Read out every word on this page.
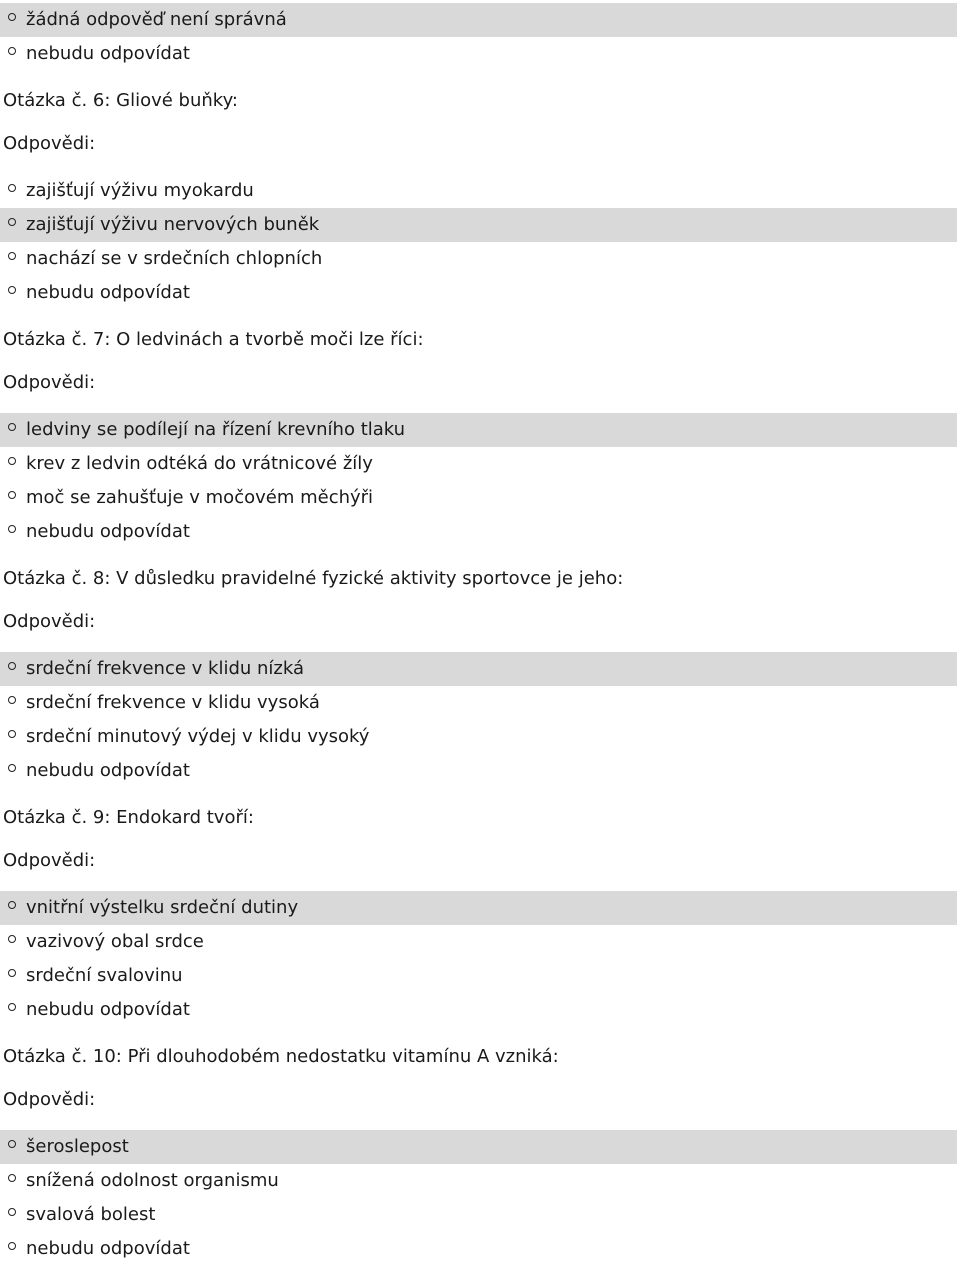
žádná odpověď není správná
nebudu odpovídat
Otázka č. 6: Gliové buňky:
Odpovědi:
zajišťují výživu myokardu
zajišťují výživu nervových buněk
nachází se v srdečních chlopních
nebudu odpovídat
Otázka č. 7: O ledvinách a tvorbě moči lze říci:
Odpovědi:
ledviny se podílejí na řízení krevního tlaku
krev z ledvin odtéká do vrátnicové žíly
moč se zahušťuje v močovém měchýři
nebudu odpovídat
Otázka č. 8: V důsledku pravidelné fyzické aktivity sportovce je jeho:
Odpovědi:
srdeční frekvence v klidu nízká
srdeční frekvence v klidu vysoká
srdeční minutový výdej v klidu vysoký
nebudu odpovídat
Otázka č. 9: Endokard tvoří:
Odpovědi:
vnitřní výstelku srdeční dutiny
vazivový obal srdce
srdeční svalovinu
nebudu odpovídat
Otázka č. 10: Při dlouhodobém nedostatku vitamínu A vzniká:
Odpovědi:
šeroslepost
snížená odolnost organismu
svalová bolest
nebudu odpovídat
